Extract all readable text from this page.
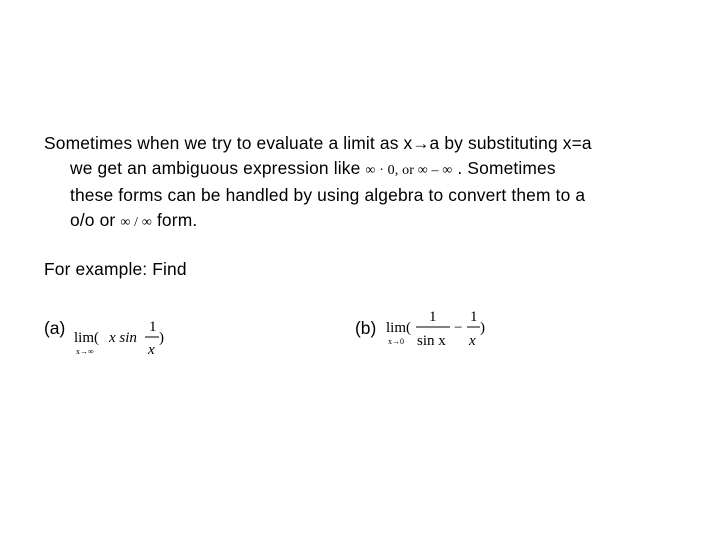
Sometimes when we try to evaluate a limit as x→a by substituting x=a
we get an ambiguous expression like ∞ · 0, or ∞ – ∞ . Sometimes
these forms can be handled by using algebra to convert them to a
o/o or ∞ / ∞ form.
For example: Find
(a) lim(
x→∞
x sin
1
x
)	(b) lim(
x→0
1
sin x
−
1
x
)
